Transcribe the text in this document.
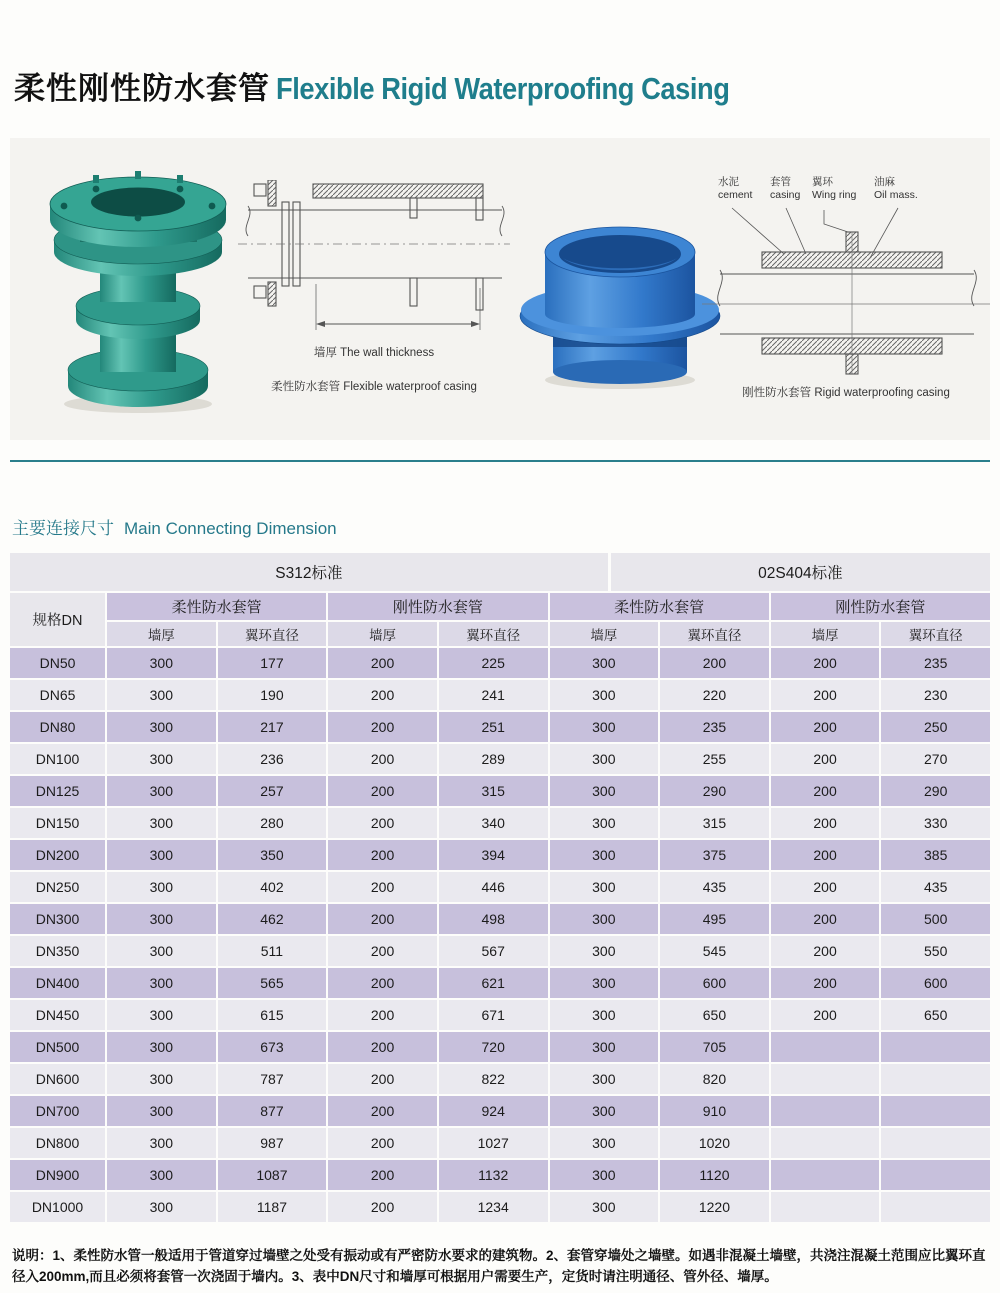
柔性刚性防水套管 Flexible Rigid Waterproofing Casing
墙厚 The wall thickness
柔性防水套管 Flexible waterproof casing
水泥
cement
套管
casing
翼环
Wing ring
油麻
Oil mass.
刚性防水套管 Rigid waterproofing casing
主要连接尺寸 Main Connecting Dimension
S312标准	02S404标准
规格DN
柔性防水套管	刚性防水套管	柔性防水套管	刚性防水套管
墙厚	翼环直径	墙厚	翼环直径	墙厚	翼环直径	墙厚	翼环直径
DN50	300	177	200	225	300	200	200	235
DN65	300	190	200	241	300	220	200	230
DN80	300	217	200	251	300	235	200	250
DN100	300	236	200	289	300	255	200	270
DN125	300	257	200	315	300	290	200	290
DN150	300	280	200	340	300	315	200	330
DN200	300	350	200	394	300	375	200	385
DN250	300	402	200	446	300	435	200	435
DN300	300	462	200	498	300	495	200	500
DN350	300	511	200	567	300	545	200	550
DN400	300	565	200	621	300	600	200	600
DN450	300	615	200	671	300	650	200	650
DN500	300	673	200	720	300	705
DN600	300	787	200	822	300	820
DN700	300	877	200	924	300	910
DN800	300	987	200	1027	300	1020
DN900	300	1087	200	1132	300	1120
DN1000	300	1187	200	1234	300	1220

说明：1、柔性防水管一般适用于管道穿过墙壁之处受有振动或有严密防水要求的建筑物。2、套管穿墙处之墙壁。如遇非混凝土墙壁，共浇注混凝土范围应比翼环直径入200mm,而且必须将套管一次浇固于墙内。3、表中DN尺寸和墙厚可根据用户需要生产，定货时请注明通径、管外径、墙厚。
